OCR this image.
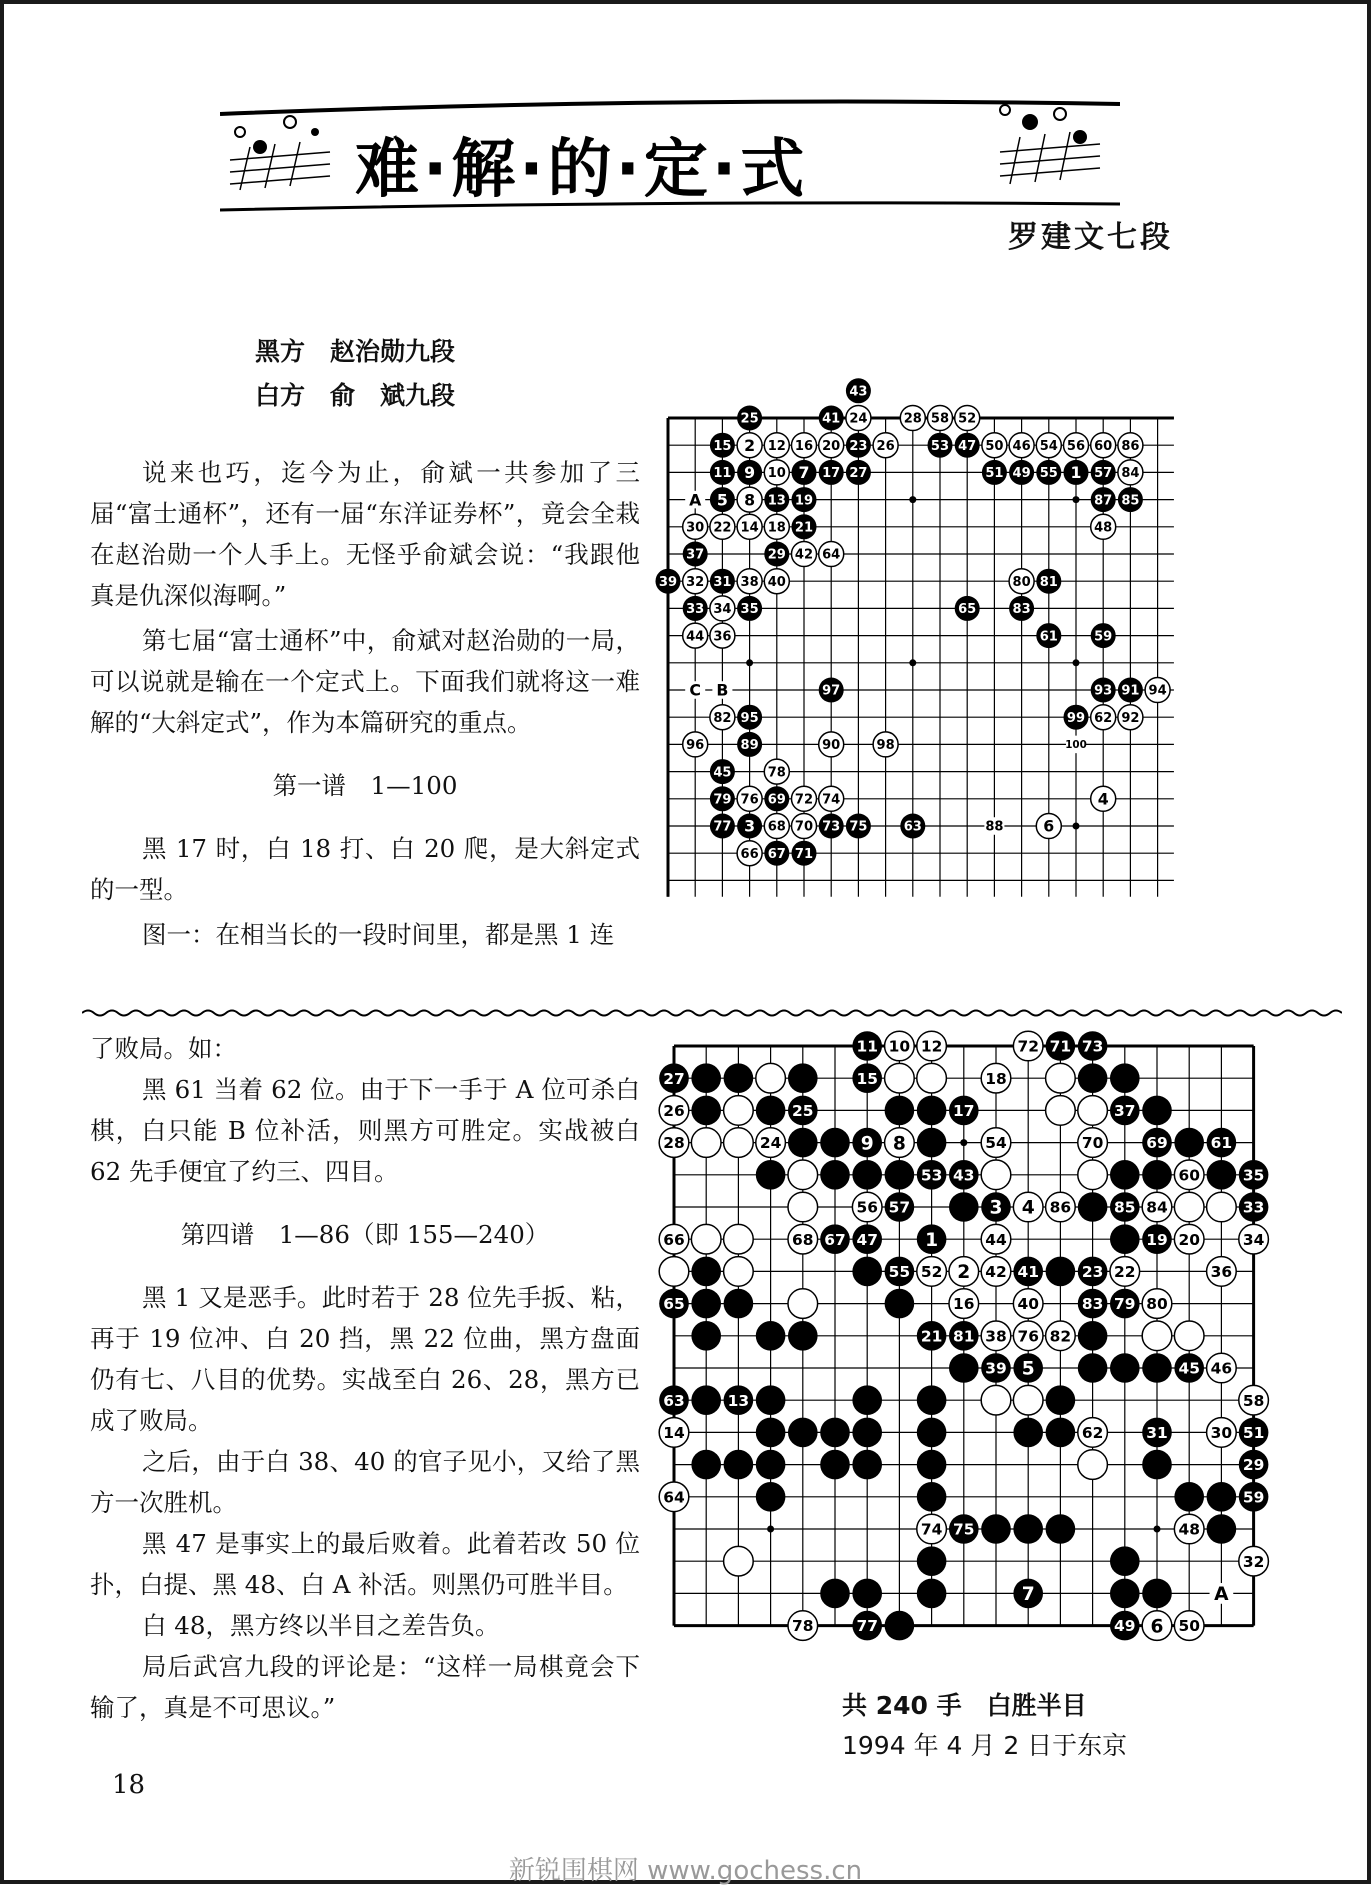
难·解·的·定·式
罗建文七段
黑方　赵治勋九段
白方　俞　斌九段

说来也巧，迄今为止，俞斌一共参加了三届“富士通杯”，还有一届“东洋证券杯”，竟会全栽在赵治勋一个人手上。无怪乎俞斌会说：“我跟他真是仇深似海啊。”

第七届“富士通杯”中，俞斌对赵治勋的一局，可以说就是输在一个定式上。下面我们就将这一难解的“大斜定式”，作为本篇研究的重点。

第一谱　1—100

黑 17 时，白 18 打、白 20 爬，是大斜定式的一型。

图一：在相当长的一段时间里，都是黑 1 连

了败局。如：

黑 61 当着 62 位。由于下一手于 A 位可杀白棋，白只能 B 位补活，则黑方可胜定。实战被白 62 先手便宜了约三、四目。

第四谱　1—86（即 155—240）

黑 1 又是恶手。此时若于 28 位先手扳、粘，再于 19 位冲、白 20 挡，黑 22 位曲，黑方盘面仍有七、八目的优势。实战至白 26、28，黑方已成了败局。

之后，由于白 38、40 的官子见小，又给了黑方一次胜机。

黑 47 是事实上的最后败着。此着若改 50 位扑，白提、黑 48、白 A 补活。则黑仍可胜半目。

白 48，黑方终以半目之差告负。

局后武宫九段的评论是：“这样一局棋竟会下输了，真是不可思议。”

43
25	41 24	28 58 52
15 2 12 16 20 23 26	53 47 50 46 54 56 60 86
11 9 10 7 17 27	51 49 55 1 57 84
A 5 8 13 19	87 85
30 22 14 18 21	48
37	29 42 64
39 32 31 38 40	80 81
33 34 35	65	83
44 36	61	59
C B	97	93 91 94
82 95	99 62 92
96	89	90	98	100
45	78
79 76 69 72 74	4
77 3 68 70 73 75	63	88	6
66 67 71
11 10 12	72 71 73
27	15	18
26	25	17	37
28	24	9 8	54	70	69	61
53 43	60	35
56 57	3 4 86	85 84	33
66	68 67 47	1	44	19 20	34
55 52 2 42 41	23 22	36
65	16	40	83 79 80
21 81 38 76 82
39 5	45 46
63	13	58
14	62	31	30 51
29
64	59
74 75	48
32
7	A
78	77	49 6 50
共 240 手　白胜半目
1994 年 4 月 2 日于东京
18
新锐围棋网 www.gochess.cn
